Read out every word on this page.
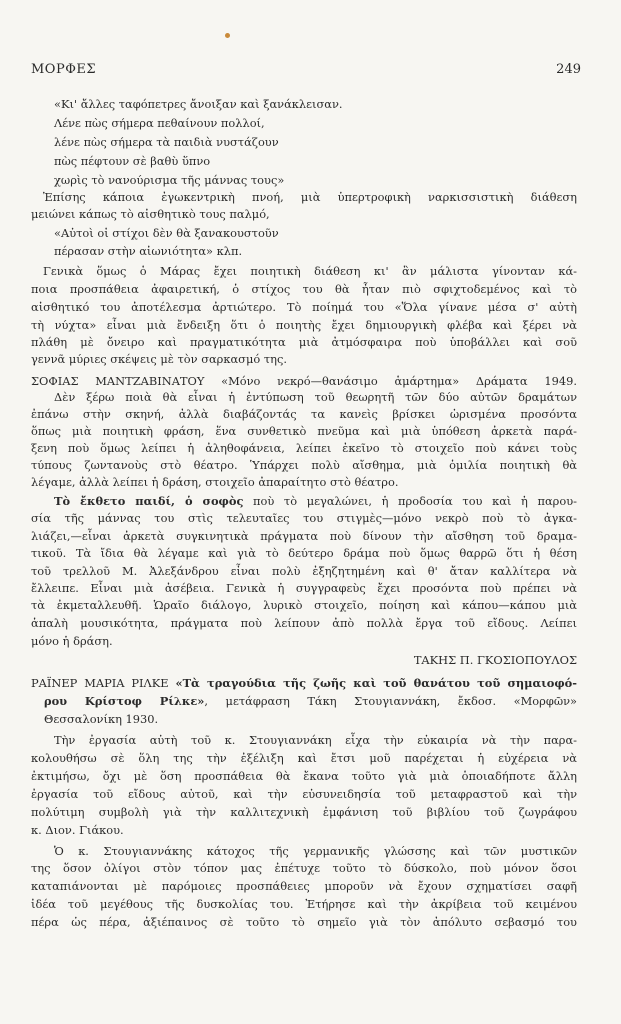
ΜΟΡΦΕΣ	249
«Κι' ἄλλες ταφόπετρες ἄνοιξαν καὶ ξανάκλεισαν.
Λένε πὼς σήμερα πεθαίνουν πολλοί,
λένε πὼς σήμερα τὰ παιδιὰ νυστάζουν
πὼς πέφτουν σὲ βαθὺ ὕπνο
χωρὶς τὸ νανούρισμα τῆς μάννας τους»
Ἐπίσης κάποια ἐγωκεντρικὴ πνοή, μιὰ ὑπερτροφικὴ ναρκισσιστικὴ διάθεση
μειώνει κάπως τὸ αἰσθητικὸ τους παλμό,
«Αὐτοὶ οἱ στίχοι δὲν θὰ ξανακουστοῦν
πέρασαν στὴν αἰωνιότητα» κλπ.
Γενικὰ ὅμως ὁ Μάρας ἔχει ποιητικὴ διάθεση κι' ἂν μάλιστα γίνονταν κά-
ποια προσπάθεια ἀφαιρετική, ὁ στίχος του θὰ ἦταν πιὸ σφιχτοδεμένος καὶ τὸ
αἰσθητικό του ἀποτέλεσμα ἀρτιώτερο. Τὸ ποίημά του «Ὅλα γίνανε μέσα σ' αὐτὴ
τὴ νύχτα» εἶναι μιὰ ἔνδειξη ὅτι ὁ ποιητὴς ἔχει δημιουργικὴ φλέβα καὶ ξέρει νὰ
πλάθη μὲ ὄνειρο καὶ πραγματικότητα μιὰ ἀτμόσφαιρα ποὺ ὑποβάλλει καὶ σοῦ
γεννᾶ μύριες σκέψεις μὲ τὸν σαρκασμό της.
ΣΟΦΙΑΣ ΜΑΝΤΖΑΒΙΝΑΤΟΥ «Μόνο νεκρό—θανάσιμο ἁμάρτημα» Δράματα 1949.
Δὲν ξέρω ποιὰ θὰ εἶναι ἡ ἐντύπωση τοῦ θεωρητῆ τῶν δύο αὐτῶν δραμάτων
ἐπάνω στὴν σκηνή, ἀλλὰ διαβάζοντάς τα κανεὶς βρίσκει ὡρισμένα προσόντα
ὅπως μιὰ ποιητικὴ φράση, ἕνα συνθετικὸ πνεῦμα καὶ μιὰ ὑπόθεση ἀρκετὰ παρά-
ξενη ποὺ ὅμως λείπει ἡ ἀληθοφάνεια, λείπει ἐκεῖνο τὸ στοιχεῖο ποὺ κάνει τοὺς
τύπους ζωντανοὺς στὸ θέατρο. Ὑπάρχει πολὺ αἴσθημα, μιὰ ὁμιλία ποιητικὴ θὰ
λέγαμε, ἀλλὰ λείπει ἡ δράση, στοιχεῖο ἀπαραίτητο στὸ θέατρο.
Τὸ ἔκθετο παιδί, ὁ σοφὸς ποὺ τὸ μεγαλώνει, ἡ προδοσία του καὶ ἡ παρου-
σία τῆς μάννας του στὶς τελευταῖες του στιγμὲς—μόνο νεκρὸ ποὺ τὸ ἀγκα-
λιάζει,—εἶναι ἀρκετὰ συγκινητικὰ πράγματα ποὺ δίνουν τὴν αἴσθηση τοῦ δραμα-
τικοῦ. Τὰ ἴδια θὰ λέγαμε καὶ γιὰ τὸ δεύτερο δράμα ποὺ ὅμως θαρρῶ ὅτι ἡ θέση
τοῦ τρελλοῦ Μ. Ἀλεξάνδρου εἶναι πολὺ ἐξηζητημένη καὶ θ' ἄταν καλλίτερα νὰ
ἔλλειπε. Εἶναι μιὰ ἀσέβεια. Γενικὰ ἡ συγγραφεὺς ἔχει προσόντα ποὺ πρέπει νὰ
τὰ ἐκμεταλλευθῆ. Ὡραῖο διάλογο, λυρικὸ στοιχεῖο, ποίηση καὶ κάπου—κάπου μιὰ
ἁπαλὴ μουσικότητα, πράγματα ποὺ λείπουν ἀπὸ πολλὰ ἔργα τοῦ εἴδους. Λείπει
μόνο ἡ δράση.
ΤΑΚΗΣ Π. ΓΚΟΣΙΟΠΟΥΛΟΣ
ΡΑΪΝΕΡ ΜΑΡΙΑ ΡΙΛΚΕ «Τὰ τραγούδια τῆς ζωῆς καὶ τοῦ θανάτου τοῦ σημαιοφό-
ρου Κρίστοφ Ρίλκε», μετάφραση Τάκη Στουγιαννάκη, ἔκδοσ. «Μορφῶν»
Θεσσαλονίκη 1930.
Τὴν ἐργασία αὐτὴ τοῦ κ. Στουγιαννάκη εἶχα τὴν εὐκαιρία νὰ τὴν παρα-
κολουθήσω σὲ ὅλη της τὴν ἐξέλιξη καὶ ἔτσι μοῦ παρέχεται ἡ εὐχέρεια νὰ
ἐκτιμήσω, ὄχι μὲ ὅση προσπάθεια θὰ ἔκανα τοῦτο γιὰ μιὰ ὁποιαδήποτε ἄλλη
ἐργασία τοῦ εἴδους αὐτοῦ, καὶ τὴν εὐσυνειδησία τοῦ μεταφραστοῦ καὶ τὴν
πολύτιμη συμβολὴ γιὰ τὴν καλλιτεχνικὴ ἐμφάνιση τοῦ βιβλίου τοῦ ζωγράφου
κ. Διον. Γιάκου.
Ὁ κ. Στουγιαννάκης κάτοχος τῆς γερμανικῆς γλώσσης καὶ τῶν μυστικῶν
της ὅσον ὀλίγοι στὸν τόπον μας ἐπέτυχε τοῦτο τὸ δύσκολο, ποὺ μόνον ὅσοι
καταπιάνονται μὲ παρόμοιες προσπάθειες μποροῦν νὰ ἔχουν σχηματίσει σαφῆ
ἰδέα τοῦ μεγέθους τῆς δυσκολίας του. Ἐτήρησε καὶ τὴν ἀκρίβεια τοῦ κειμένου
πέρα ὡς πέρα, ἀξιέπαινος σὲ τοῦτο τὸ σημεῖο γιὰ τὸν ἀπόλυτο σεβασμό του
